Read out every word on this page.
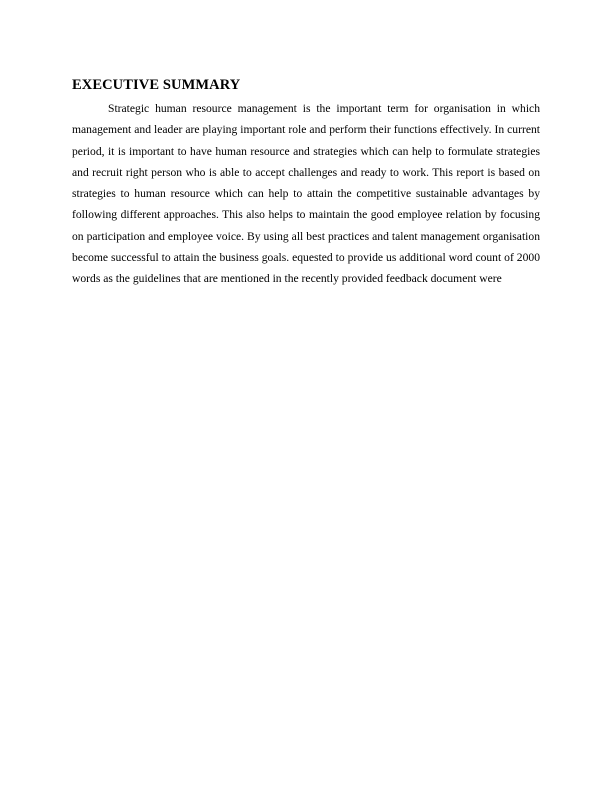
EXECUTIVE SUMMARY

Strategic human resource management is the important term for organisation in which management and leader are playing important role and perform their functions effectively. In current period, it is important to have human resource and strategies which can help to formulate strategies and recruit right person who is able to accept challenges and ready to work. This report is based on strategies to human resource which can help to attain the competitive sustainable advantages by following different approaches. This also helps to maintain the good employee relation by focusing on participation and employee voice. By using all best practices and talent management organisation become successful to attain the business goals. equested to provide us additional word count of 2000 words as the guidelines that are mentioned in the recently provided feedback document were
